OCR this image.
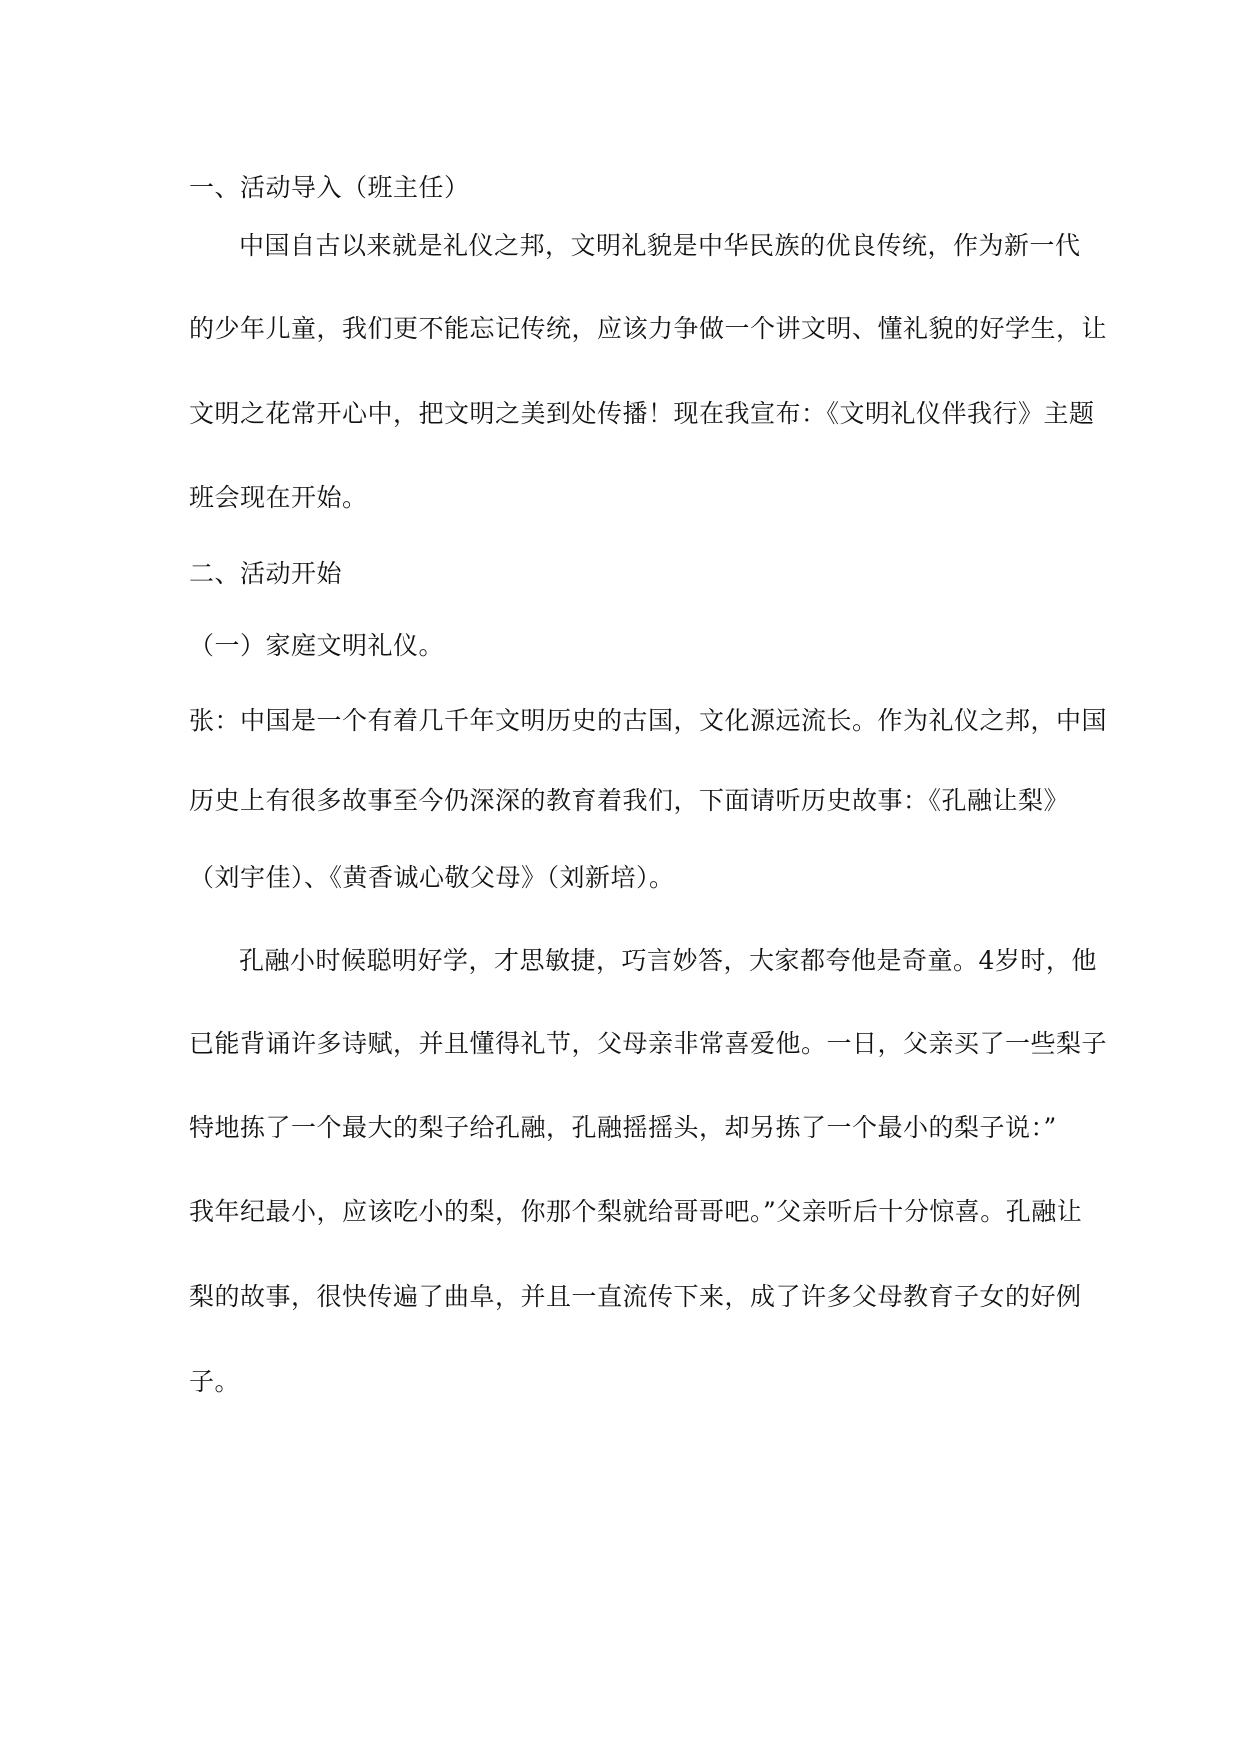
一、活动导入（班主任）
中国自古以来就是礼仪之邦，文明礼貌是中华民族的优良传统，作为新一代
的少年儿童，我们更不能忘记传统，应该力争做一个讲文明、懂礼貌的好学生，让
文明之花常开心中，把文明之美到处传播！现在我宣布：《文明礼仪伴我行》主题
班会现在开始。
二、活动开始
（一）家庭文明礼仪。
张：中国是一个有着几千年文明历史的古国，文化源远流长。作为礼仪之邦，中国
历史上有很多故事至今仍深深的教育着我们，下面请听历史故事：《孔融让梨》
（刘宇佳）、《黄香诚心敬父母》（刘新培）。
孔融小时候聪明好学，才思敏捷，巧言妙答，大家都夸他是奇童。4岁时，他
已能背诵许多诗赋，并且懂得礼节，父母亲非常喜爱他。一日，父亲买了一些梨子
特地拣了一个最大的梨子给孔融，孔融摇摇头，却另拣了一个最小的梨子说：”
我年纪最小，应该吃小的梨，你那个梨就给哥哥吧。”父亲听后十分惊喜。孔融让
梨的故事，很快传遍了曲阜，并且一直流传下来，成了许多父母教育子女的好例
子。
